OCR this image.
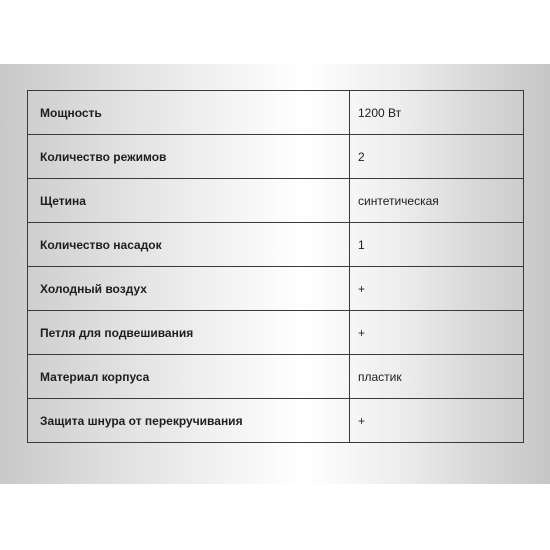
Мощность	1200 Вт
Количество режимов	2
Щетина	синтетическая
Количество насадок	1
Холодный воздух	+
Петля для подвешивания	+
Материал корпуса	пластик
Защита шнура от перекручивания	+
